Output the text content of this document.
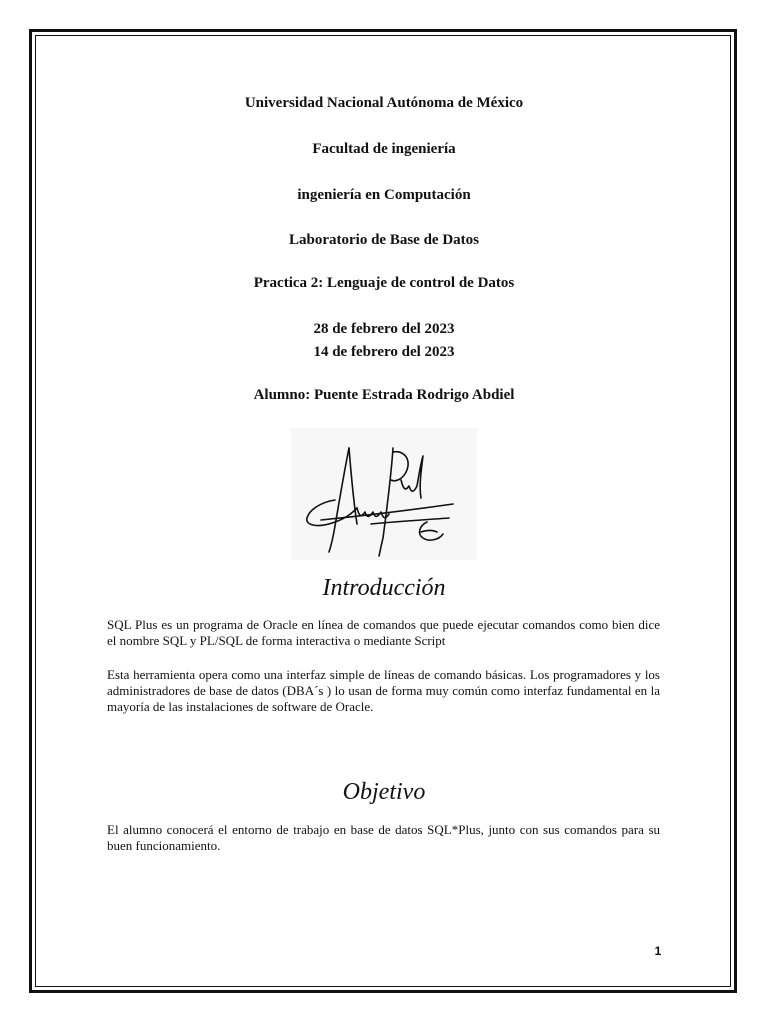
Universidad Nacional Autónoma de México
Facultad de ingeniería
ingeniería en Computación
Laboratorio de Base de Datos
Practica 2: Lenguaje de control de Datos
28 de febrero del 2023
14 de febrero del 2023
Alumno: Puente Estrada Rodrigo Abdiel
Introducción

SQL Plus es un programa de Oracle en línea de comandos que puede ejecutar comandos como bien dice el nombre SQL y PL/SQL de forma interactiva o mediante Script

Esta herramienta opera como una interfaz simple de líneas de comando básicas. Los programadores y los administradores de base de datos (DBA´s ) lo usan de forma muy común como interfaz fundamental en la mayoría de las instalaciones de software de Oracle.

Objetivo

El alumno conocerá el entorno de trabajo en base de datos SQL*Plus, junto con sus comandos para su buen funcionamiento.

1
